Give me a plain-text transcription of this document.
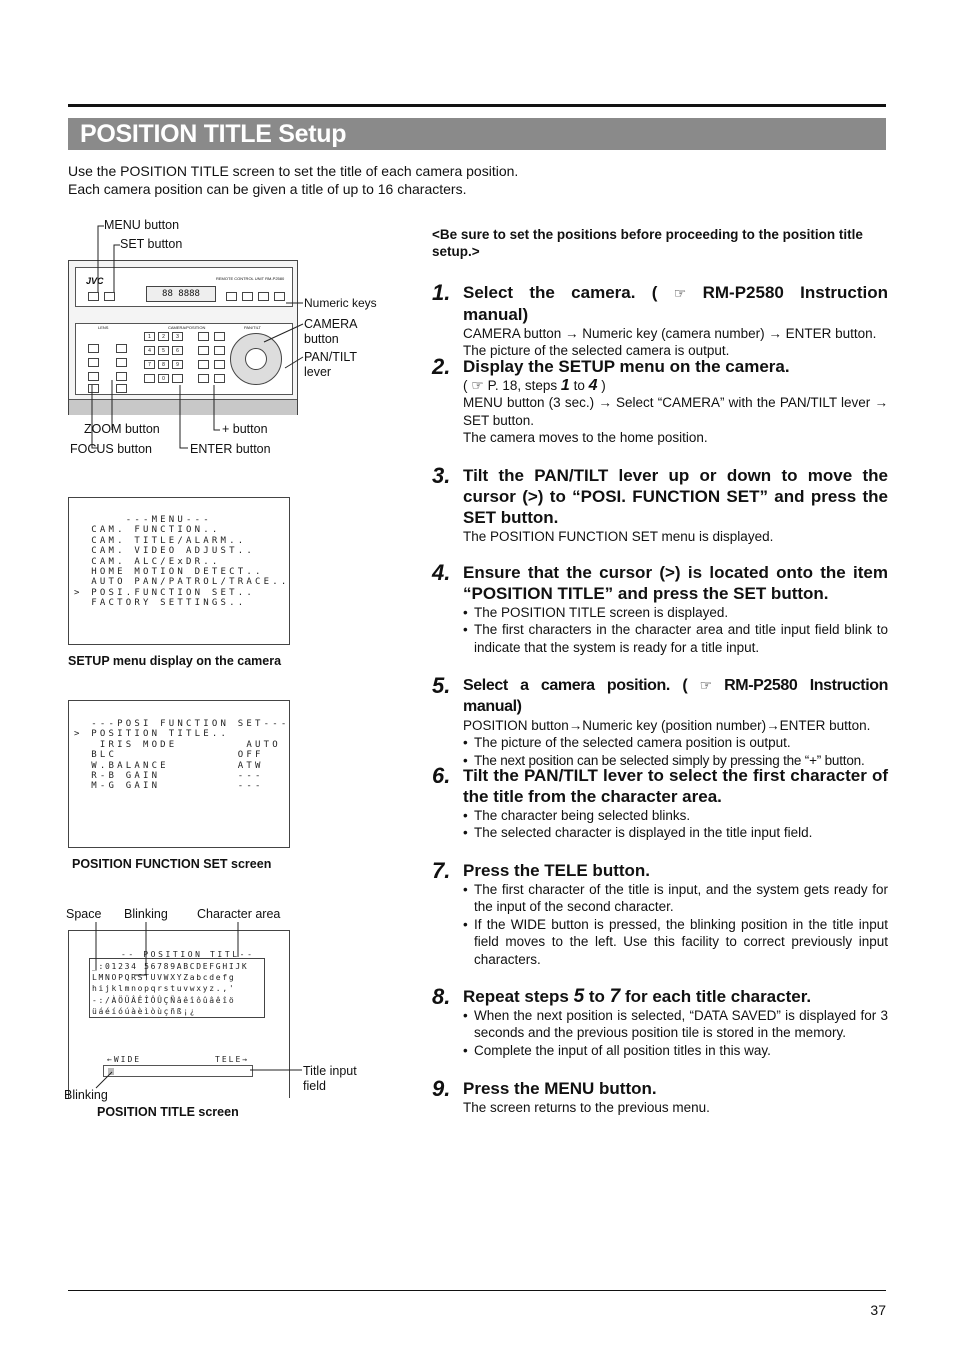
POSITION TITLE Setup
Use the POSITION TITLE screen to set the title of each camera position.
Each camera position can be given a title of up to 16 characters.
MENU button
SET button
Numeric keys
CAMERA
button
PAN/TILT
lever
ZOOM button	+ button
FOCUS button	ENTER button
JVC	REMOTE CONTROL UNIT RM-P2580
88 8888
LENS	CAMERA/POSITION	PAN/TILT
1	2	3
4	5	6
7	8	9
0
---MENU---
CAM. FUNCTION..
CAM. TITLE/ALARM..
CAM. VIDEO ADJUST..
CAM. ALC/ExDR..
HOME MOTION DETECT..
AUTO PAN/PATROL/TRACE..
> POSI.FUNCTION SET..
FACTORY SETTINGS..
SETUP menu display on the camera
---POSI FUNCTION SET---
> POSITION TITLE..
IRIS MODE        AUTO
BLC              OFF
W.BALANCE        ATW
R-B GAIN         ---
M-G GAIN         ---
POSITION FUNCTION SET screen
Space Blinking Character area
-- POSITION TITL--
_:01234 56789ABCDEFGHIJK
LMNOPQRSTUVWXYZabcdefg
hijklmnopqrstuvwxyz.,'
-:/ÀÖÜÂÊÎÔÛÇÑâêîôûâêîö
üáéíóúàèìòùçñß¡¿
←WIDE	TELE→
Title input
field
Blinking
POSITION TITLE screen
<Be sure to set the positions before proceeding to the position title setup.>
1. Select the camera. ( ☞ RM-P2580 Instruction manual)
CAMERA button → Numeric key (camera number) → ENTER button.
The picture of the selected camera is output.
2. Display the SETUP menu on the camera.
( ☞ P. 18, steps 1 to 4 )
MENU button (3 sec.) → Select “CAMERA” with the PAN/TILT lever → SET button.
The camera moves to the home position.
3. Tilt the PAN/TILT lever up or down to move the cursor (>) to “POSI. FUNCTION SET” and press the SET button.
The POSITION FUNCTION SET menu is displayed.
4. Ensure that the cursor (>) is located onto the item “POSITION TITLE” and press the SET button.
• The POSITION TITLE screen is displayed.
• The first characters in the character area and title input field blink to indicate that the system is ready for a title input.
5. Select a camera position. ( ☞ RM-P2580 Instruction manual)
POSITION button→Numeric key (position number)→ENTER button.
• The picture of the selected camera position is output.
• The next position can be selected simply by pressing the “+” button.
6. Tilt the PAN/TILT lever to select the first character of the title from the character area.
• The character being selected blinks.
• The selected character is displayed in the title input field.
7. Press the TELE button.
• The first character of the title is input, and the system gets ready for the input of the second character.
• If the WIDE button is pressed, the blinking position in the title input field moves to the left. Use this facility to correct previously input characters.
8. Repeat steps 5 to 7 for each title character.
• When the next position is selected, “DATA SAVED” is displayed for 3 seconds and the previous position tile is stored in the memory.
• Complete the input of all position titles in this way.
9. Press the MENU button.
The screen returns to the previous menu.
37
